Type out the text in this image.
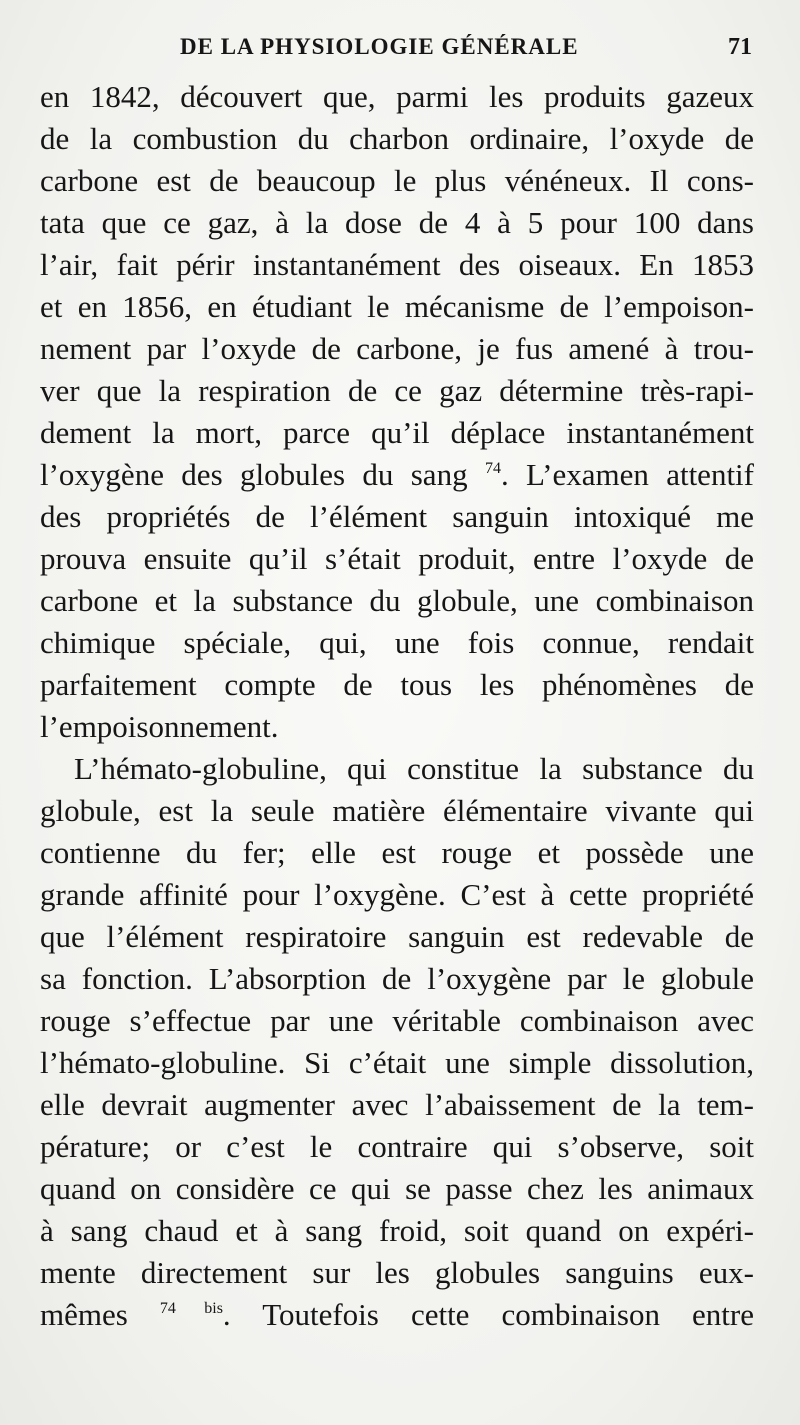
DE LA PHYSIOLOGIE GÉNÉRALE	71
en 1842, découvert que, parmi les produits gazeux
de la combustion du charbon ordinaire, l’oxyde de
carbone est de beaucoup le plus vénéneux. Il cons-
tata que ce gaz, à la dose de 4 à 5 pour 100 dans
l’air, fait périr instantanément des oiseaux. En 1853
et en 1856, en étudiant le mécanisme de l’empoison-
nement par l’oxyde de carbone, je fus amené à trou-
ver que la respiration de ce gaz détermine très-rapi-
dement la mort, parce qu’il déplace instantanément
l’oxygène des globules du sang $^{74}$. L’examen attentif
des propriétés de l’élément sanguin intoxiqué me
prouva ensuite qu’il s’était produit, entre l’oxyde de
carbone et la substance du globule, une combinaison
chimique spéciale, qui, une fois connue, rendait
parfaitement compte de tous les phénomènes de
l’empoisonnement.
L’hémato-globuline, qui constitue la substance du
globule, est la seule matière élémentaire vivante qui
contienne du fer; elle est rouge et possède une
grande affinité pour l’oxygène. C’est à cette propriété
que l’élément respiratoire sanguin est redevable de
sa fonction. L’absorption de l’oxygène par le globule
rouge s’effectue par une véritable combinaison avec
l’hémato-globuline. Si c’était une simple dissolution,
elle devrait augmenter avec l’abaissement de la tem-
pérature; or c’est le contraire qui s’observe, soit
quand on considère ce qui se passe chez les animaux
à sang chaud et à sang froid, soit quand on expéri-
mente directement sur les globules sanguins eux-
mêmes $^{74 bis}$. Toutefois cette combinaison entre
